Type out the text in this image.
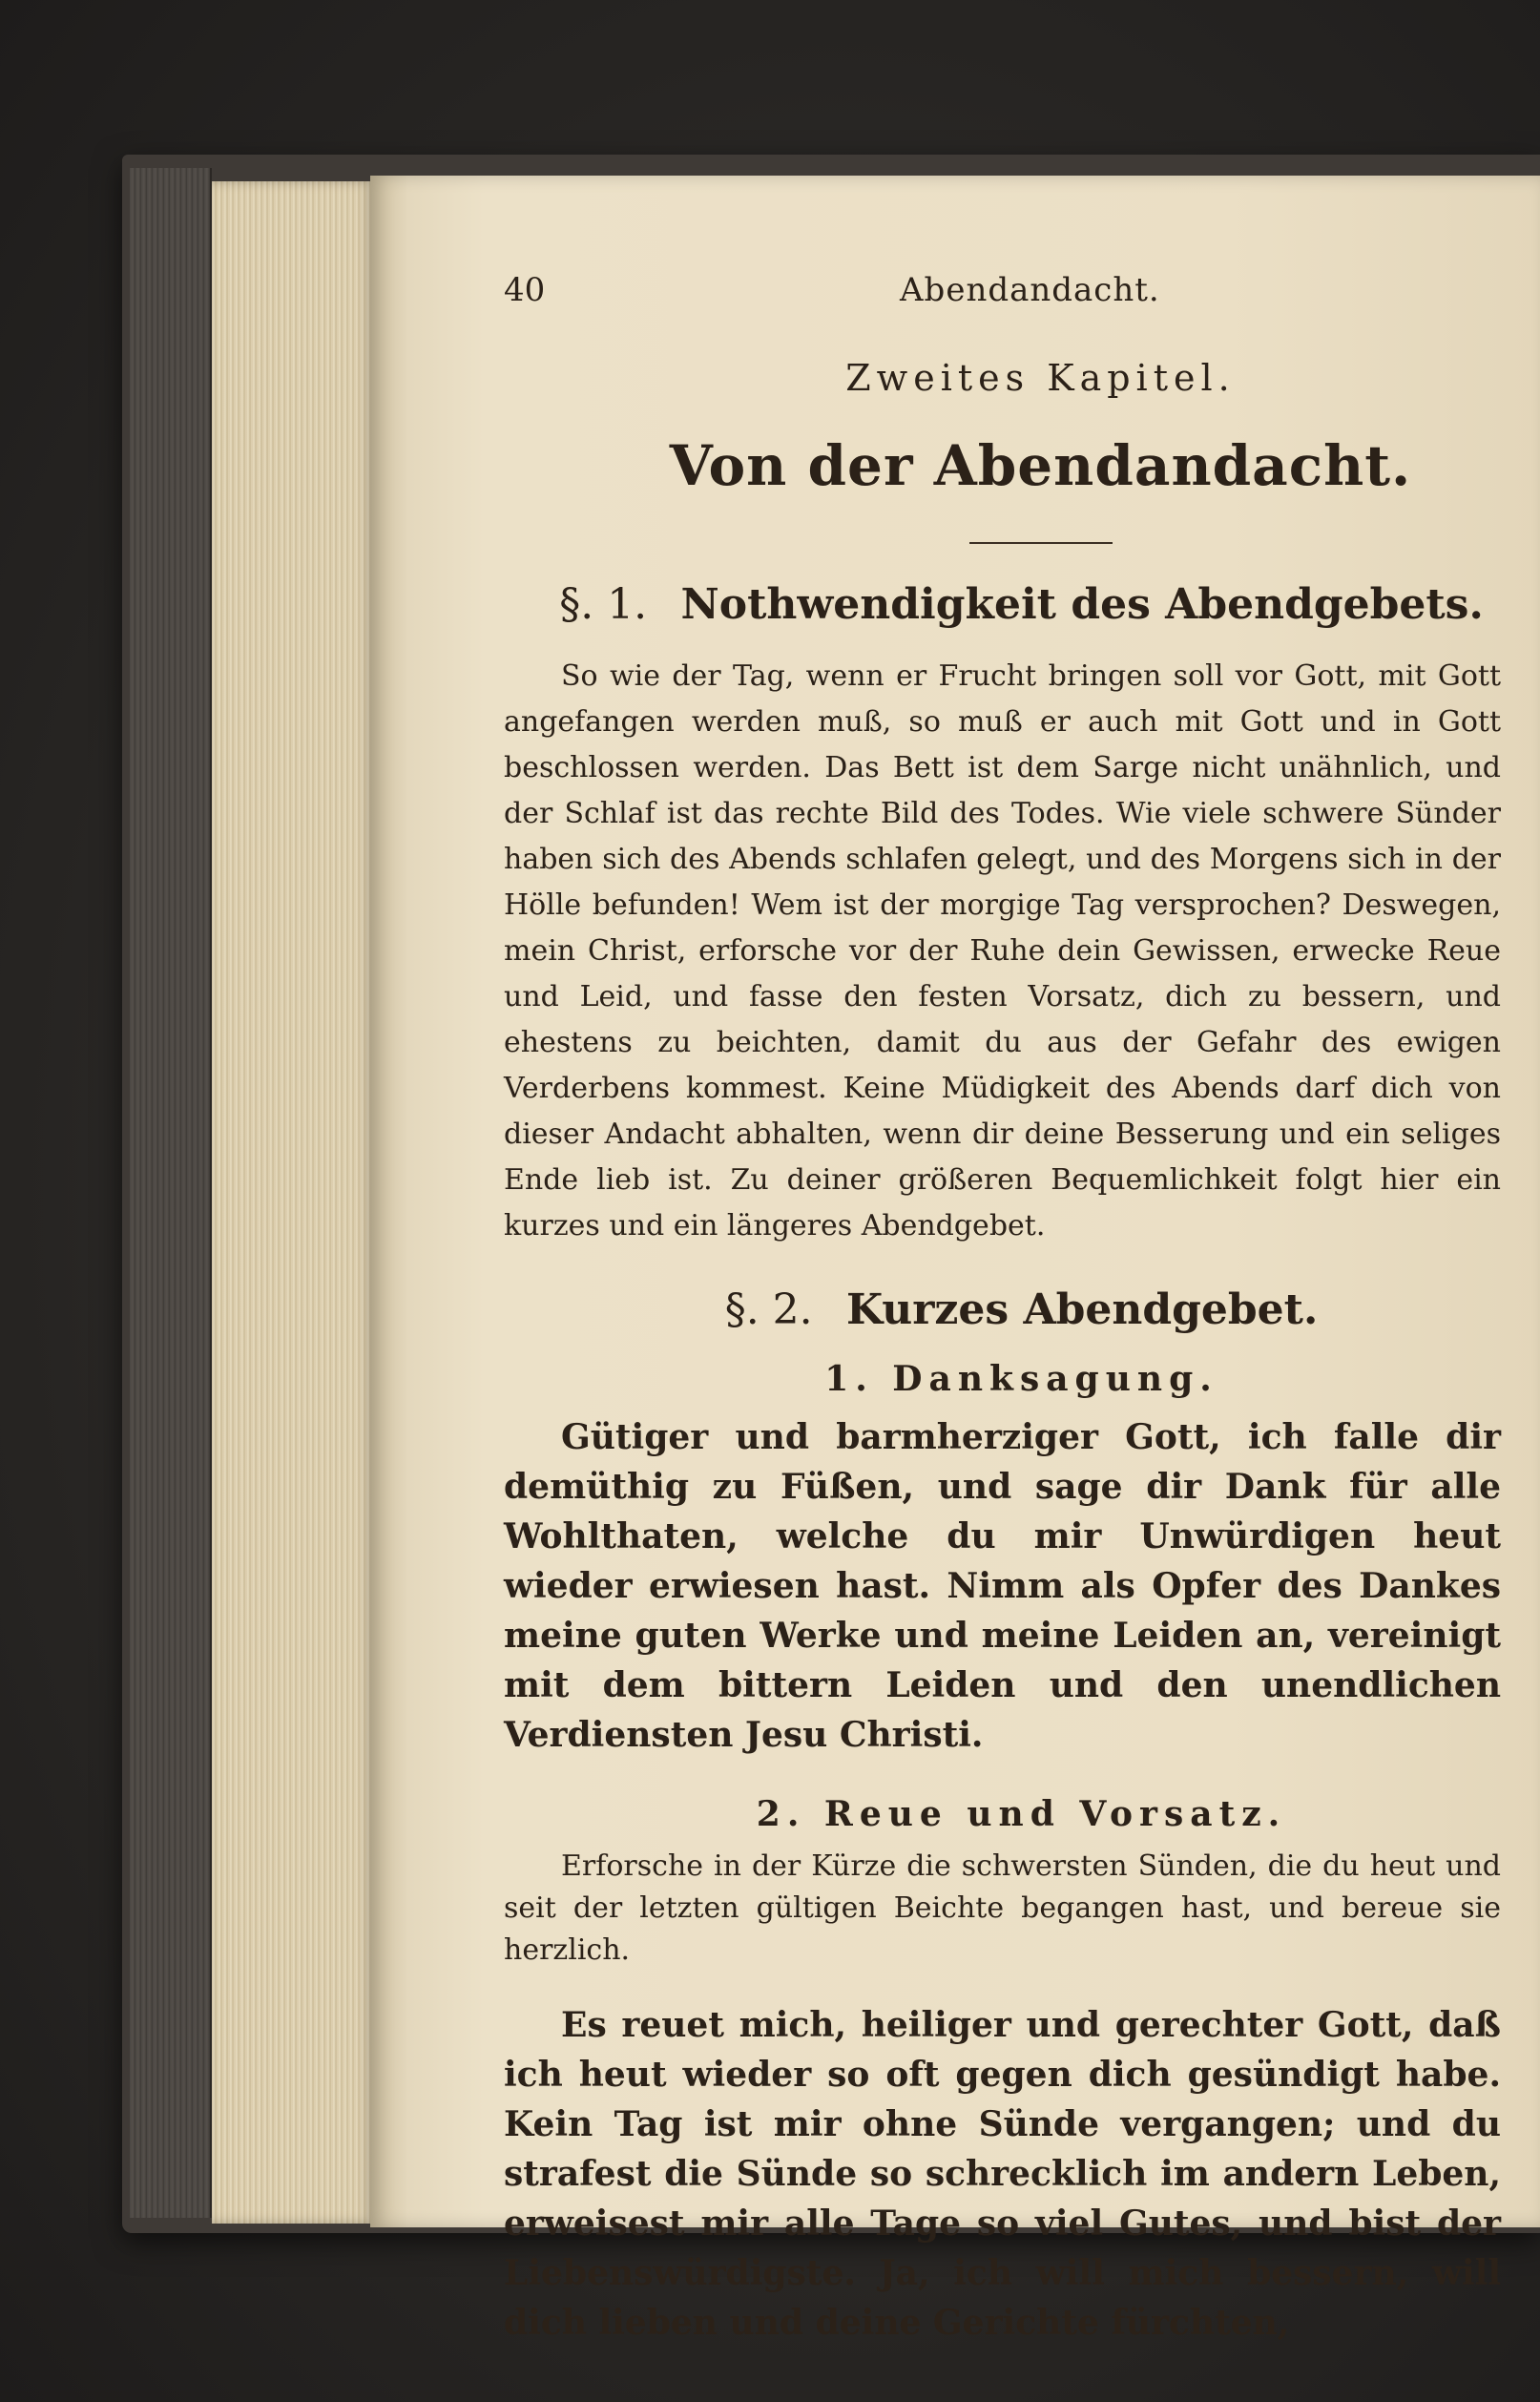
40	Abendandacht.
Zweites Kapitel.
Von der Abendandacht.
§. 1. Nothwendigkeit des Abendgebets.

So wie der Tag, wenn er Frucht bringen soll vor Gott, mit Gott angefangen werden muß, so muß er auch mit Gott und in Gott beschlossen werden. Das Bett ist dem Sarge nicht unähnlich, und der Schlaf ist das rechte Bild des Todes. Wie viele schwere Sünder haben sich des Abends schlafen gelegt, und des Morgens sich in der Hölle befunden! Wem ist der morgige Tag versprochen? Deswegen, mein Christ, erforsche vor der Ruhe dein Gewissen, erwecke Reue und Leid, und fasse den festen Vorsatz, dich zu bessern, und ehestens zu beichten, damit du aus der Gefahr des ewigen Verderbens kommest. Keine Müdigkeit des Abends darf dich von dieser Andacht abhalten, wenn dir deine Besserung und ein seliges Ende lieb ist. Zu deiner größeren Bequemlichkeit folgt hier ein kurzes und ein längeres Abendgebet.

§. 2. Kurzes Abendgebet.
1. Danksagung.

Gütiger und barmherziger Gott, ich falle dir demüthig zu Füßen, und sage dir Dank für alle Wohlthaten, welche du mir Unwürdigen heut wieder erwiesen hast. Nimm als Opfer des Dankes meine guten Werke und meine Leiden an, vereinigt mit dem bittern Leiden und den unendlichen Verdiensten Jesu Christi.

2. Reue und Vorsatz.

Erforsche in der Kürze die schwersten Sünden, die du heut und seit der letzten gültigen Beichte begangen hast, und bereue sie herzlich.

Es reuet mich, heiliger und gerechter Gott, daß ich heut wieder so oft gegen dich gesündigt habe. Kein Tag ist mir ohne Sünde vergangen; und du strafest die Sünde so schrecklich im andern Leben, erweisest mir alle Tage so viel Gutes, und bist der Liebenswürdigste. Ja, ich will mich bessern, will dich lieben und deine Gerichte fürchten,
